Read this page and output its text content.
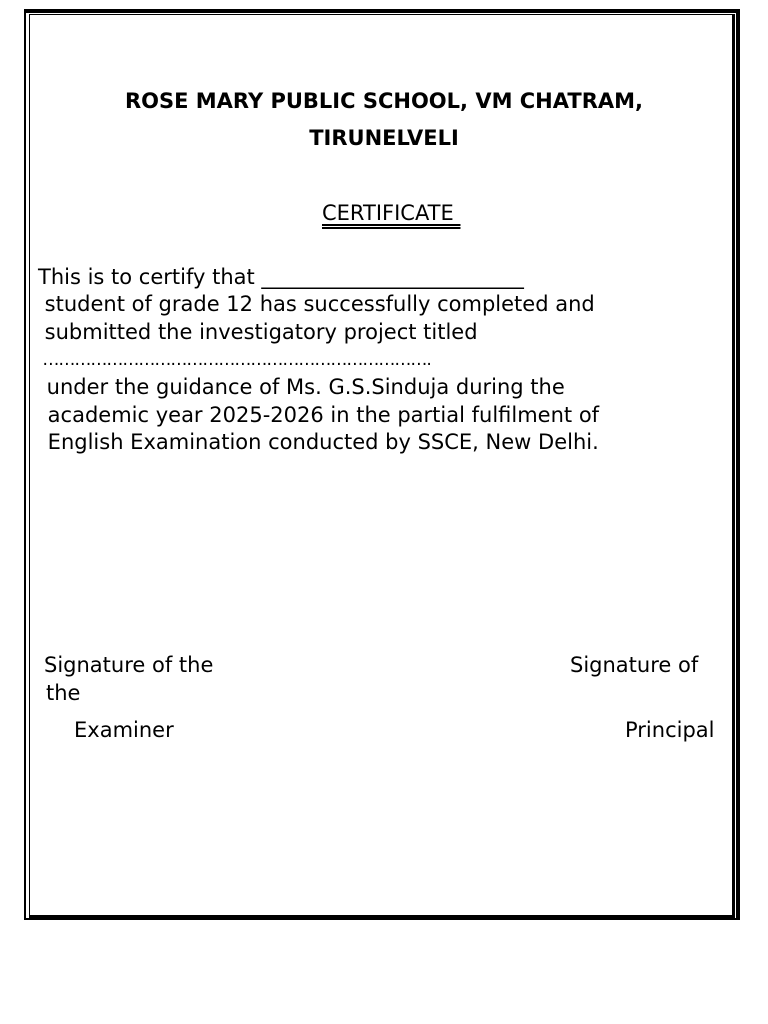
ROSE MARY PUBLIC SCHOOL, VM CHATRAM,
TIRUNELVELI
CERTIFICATE
This is to certify that _________________________
student of grade 12 has successfully completed and
submitted the investigatory project titled
……………………………………………………………….
under the guidance of Ms. G.S.Sinduja during the
academic year 2025-2026 in the partial fulfilment of
English Examination conducted by SSCE, New Delhi.
Signature of the	Signature of
the
Examiner	Principal
